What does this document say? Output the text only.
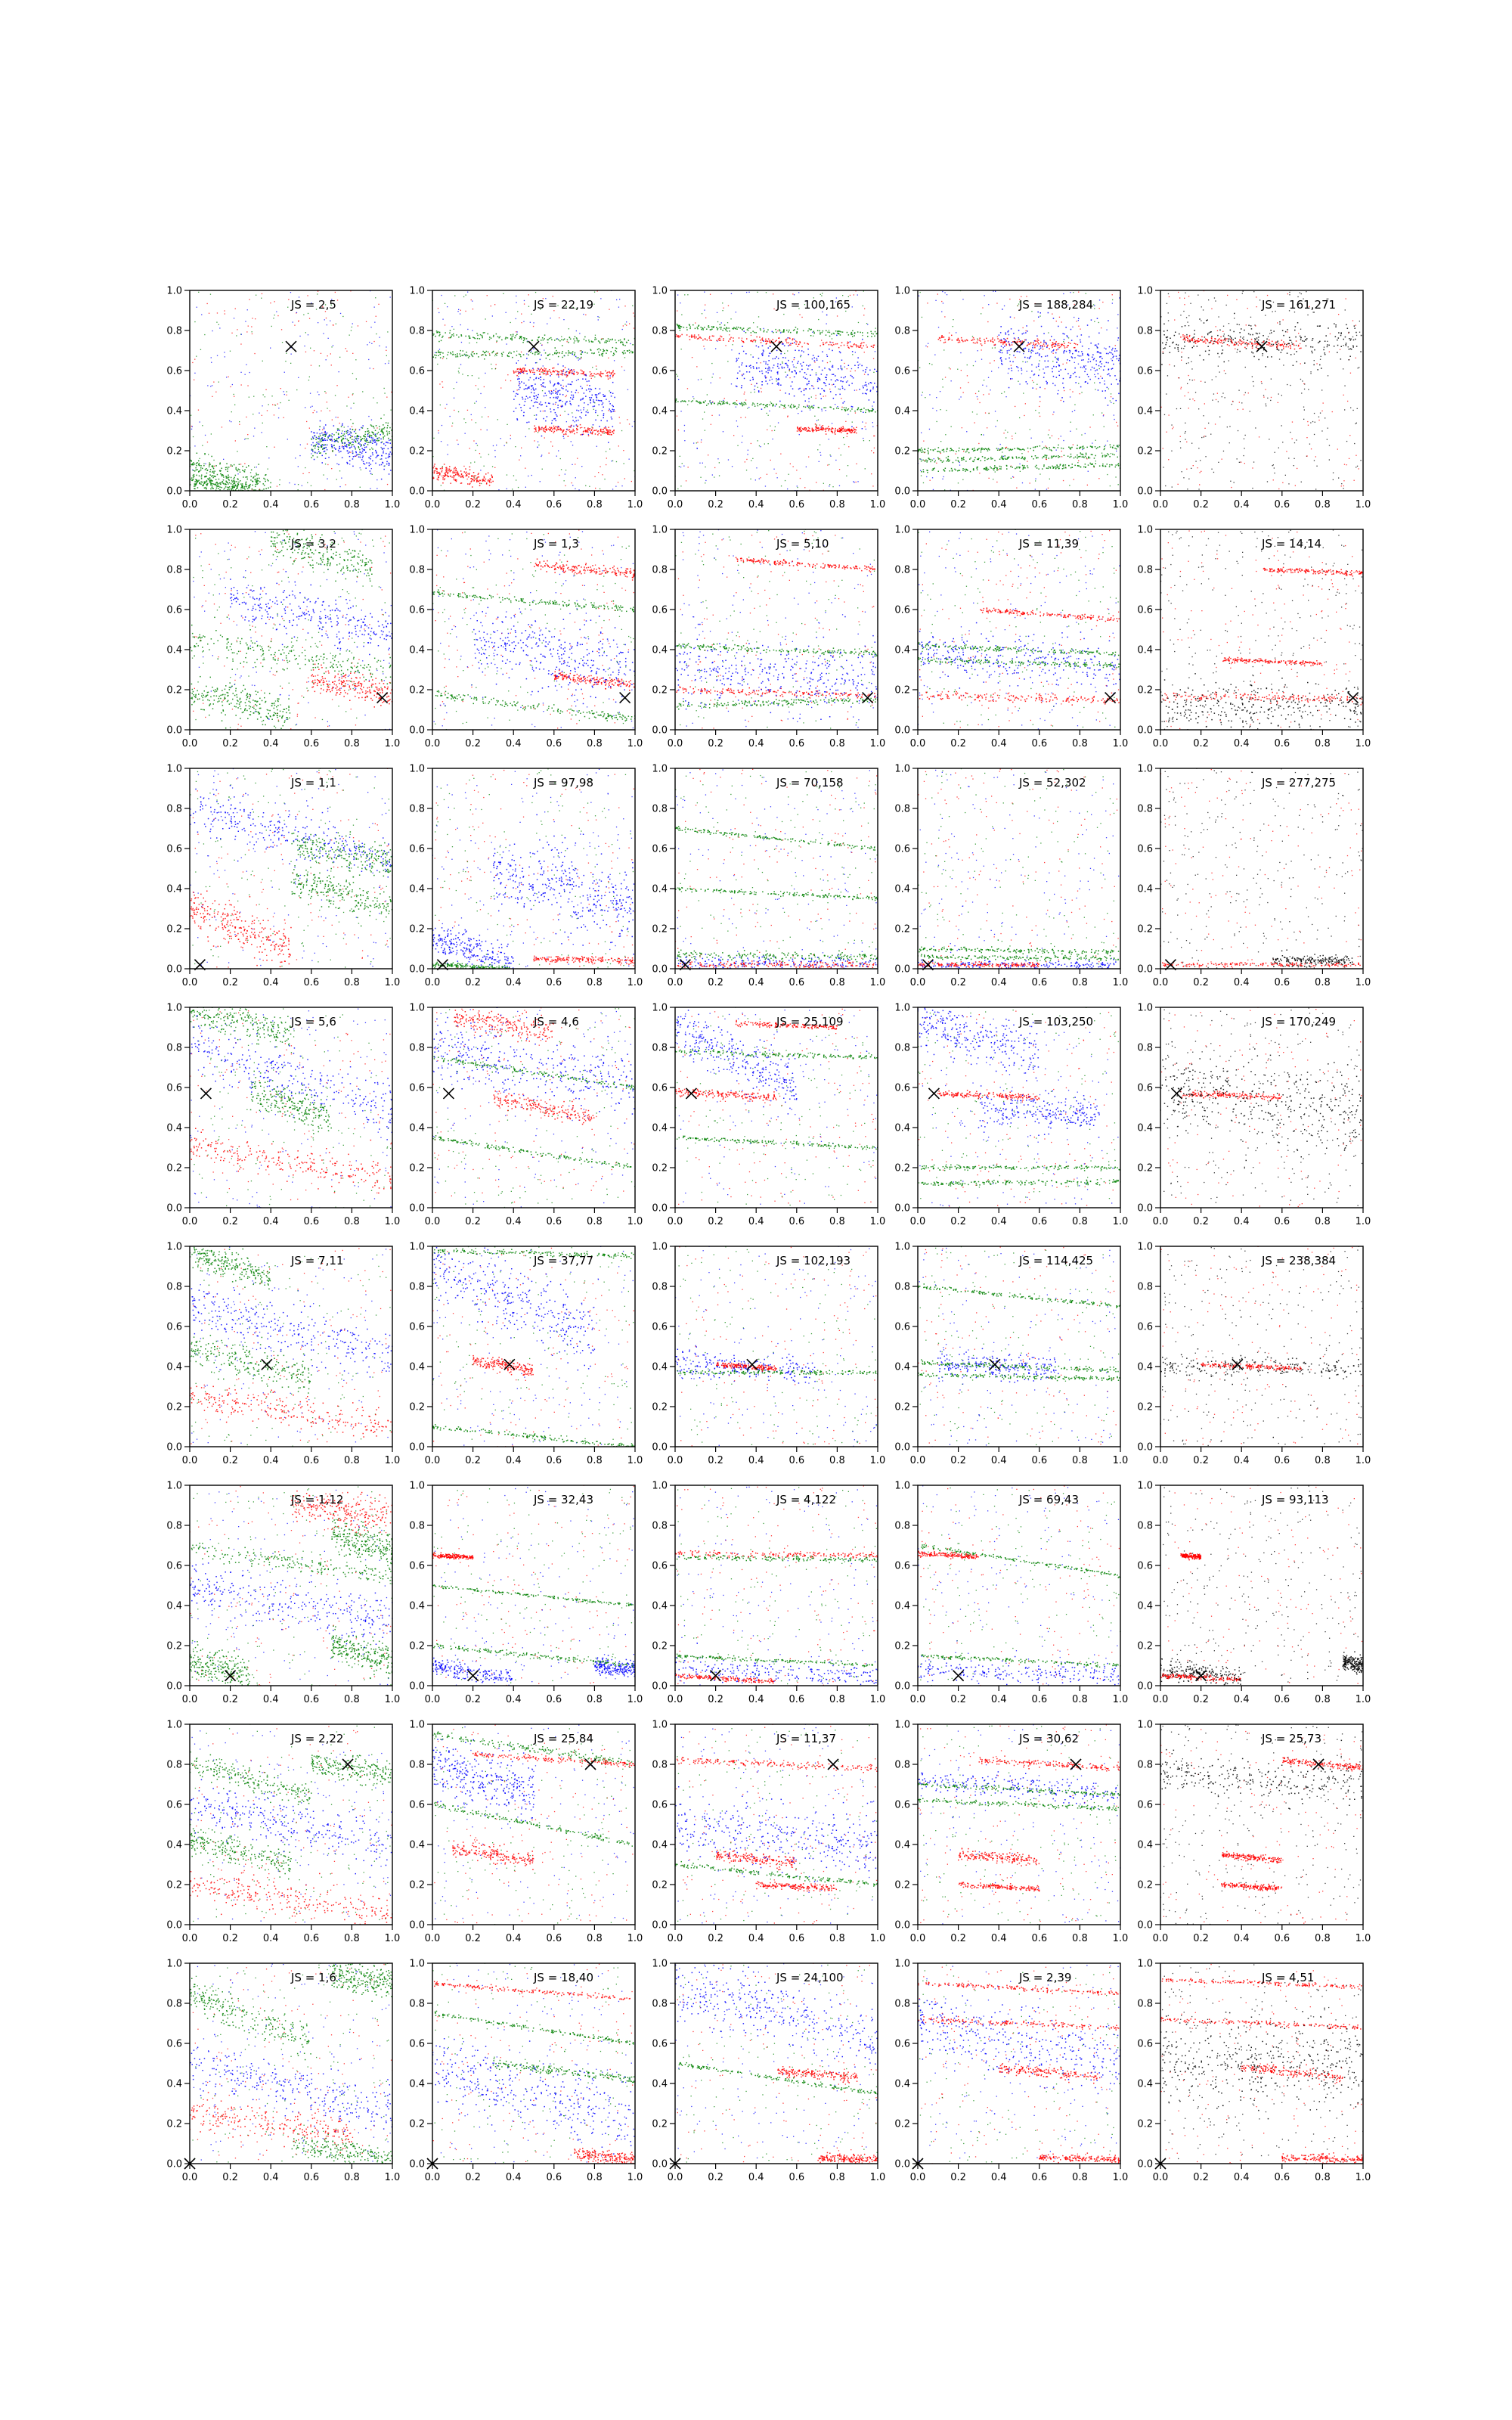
0.0
0.0
0.2
0.2
0.4
0.4
0.6
0.6
0.8
0.8
1.0
1.0
JS = 2,5
0.0
0.0
0.2
0.2
0.4
0.4
0.6
0.6
0.8
0.8
1.0
1.0
JS = 22,19
0.0
0.0
0.2
0.2
0.4
0.4
0.6
0.6
0.8
0.8
1.0
1.0
JS = 100,165
0.0
0.0
0.2
0.2
0.4
0.4
0.6
0.6
0.8
0.8
1.0
1.0
JS = 188,284
0.0
0.0
0.2
0.2
0.4
0.4
0.6
0.6
0.8
0.8
1.0
1.0
JS = 161,271
0.0
0.0
0.2
0.2
0.4
0.4
0.6
0.6
0.8
0.8
1.0
1.0
JS = 3,2
0.0
0.0
0.2
0.2
0.4
0.4
0.6
0.6
0.8
0.8
1.0
1.0
JS = 1,3
0.0
0.0
0.2
0.2
0.4
0.4
0.6
0.6
0.8
0.8
1.0
1.0
JS = 5,10
0.0
0.0
0.2
0.2
0.4
0.4
0.6
0.6
0.8
0.8
1.0
1.0
JS = 11,39
0.0
0.0
0.2
0.2
0.4
0.4
0.6
0.6
0.8
0.8
1.0
1.0
JS = 14,14
0.0
0.0
0.2
0.2
0.4
0.4
0.6
0.6
0.8
0.8
1.0
1.0
JS = 1,1
0.0
0.0
0.2
0.2
0.4
0.4
0.6
0.6
0.8
0.8
1.0
1.0
JS = 97,98
0.0
0.0
0.2
0.2
0.4
0.4
0.6
0.6
0.8
0.8
1.0
1.0
JS = 70,158
0.0
0.0
0.2
0.2
0.4
0.4
0.6
0.6
0.8
0.8
1.0
1.0
JS = 52,302
0.0
0.0
0.2
0.2
0.4
0.4
0.6
0.6
0.8
0.8
1.0
1.0
JS = 277,275
0.0
0.0
0.2
0.2
0.4
0.4
0.6
0.6
0.8
0.8
1.0
1.0
JS = 5,6
0.0
0.0
0.2
0.2
0.4
0.4
0.6
0.6
0.8
0.8
1.0
1.0
JS = 4,6
0.0
0.0
0.2
0.2
0.4
0.4
0.6
0.6
0.8
0.8
1.0
1.0
JS = 25,109
0.0
0.0
0.2
0.2
0.4
0.4
0.6
0.6
0.8
0.8
1.0
1.0
JS = 103,250
0.0
0.0
0.2
0.2
0.4
0.4
0.6
0.6
0.8
0.8
1.0
1.0
JS = 170,249
0.0
0.0
0.2
0.2
0.4
0.4
0.6
0.6
0.8
0.8
1.0
1.0
JS = 7,11
0.0
0.0
0.2
0.2
0.4
0.4
0.6
0.6
0.8
0.8
1.0
1.0
JS = 37,77
0.0
0.0
0.2
0.2
0.4
0.4
0.6
0.6
0.8
0.8
1.0
1.0
JS = 102,193
0.0
0.0
0.2
0.2
0.4
0.4
0.6
0.6
0.8
0.8
1.0
1.0
JS = 114,425
0.0
0.0
0.2
0.2
0.4
0.4
0.6
0.6
0.8
0.8
1.0
1.0
JS = 238,384
0.0
0.0
0.2
0.2
0.4
0.4
0.6
0.6
0.8
0.8
1.0
1.0
JS = 1,12
0.0
0.0
0.2
0.2
0.4
0.4
0.6
0.6
0.8
0.8
1.0
1.0
JS = 32,43
0.0
0.0
0.2
0.2
0.4
0.4
0.6
0.6
0.8
0.8
1.0
1.0
JS = 4,122
0.0
0.0
0.2
0.2
0.4
0.4
0.6
0.6
0.8
0.8
1.0
1.0
JS = 69,43
0.0
0.0
0.2
0.2
0.4
0.4
0.6
0.6
0.8
0.8
1.0
1.0
JS = 93,113
0.0
0.0
0.2
0.2
0.4
0.4
0.6
0.6
0.8
0.8
1.0
1.0
JS = 2,22
0.0
0.0
0.2
0.2
0.4
0.4
0.6
0.6
0.8
0.8
1.0
1.0
JS = 25,84
0.0
0.0
0.2
0.2
0.4
0.4
0.6
0.6
0.8
0.8
1.0
1.0
JS = 11,37
0.0
0.0
0.2
0.2
0.4
0.4
0.6
0.6
0.8
0.8
1.0
1.0
JS = 30,62
0.0
0.0
0.2
0.2
0.4
0.4
0.6
0.6
0.8
0.8
1.0
1.0
JS = 25,73
0.0
0.0
0.2
0.2
0.4
0.4
0.6
0.6
0.8
0.8
1.0
1.0
JS = 1,6
0.0
0.0
0.2
0.2
0.4
0.4
0.6
0.6
0.8
0.8
1.0
1.0
JS = 18,40
0.0
0.0
0.2
0.2
0.4
0.4
0.6
0.6
0.8
0.8
1.0
1.0
JS = 24,100
0.0
0.0
0.2
0.2
0.4
0.4
0.6
0.6
0.8
0.8
1.0
1.0
JS = 2,39
0.0
0.0
0.2
0.2
0.4
0.4
0.6
0.6
0.8
0.8
1.0
1.0
JS = 4,51
